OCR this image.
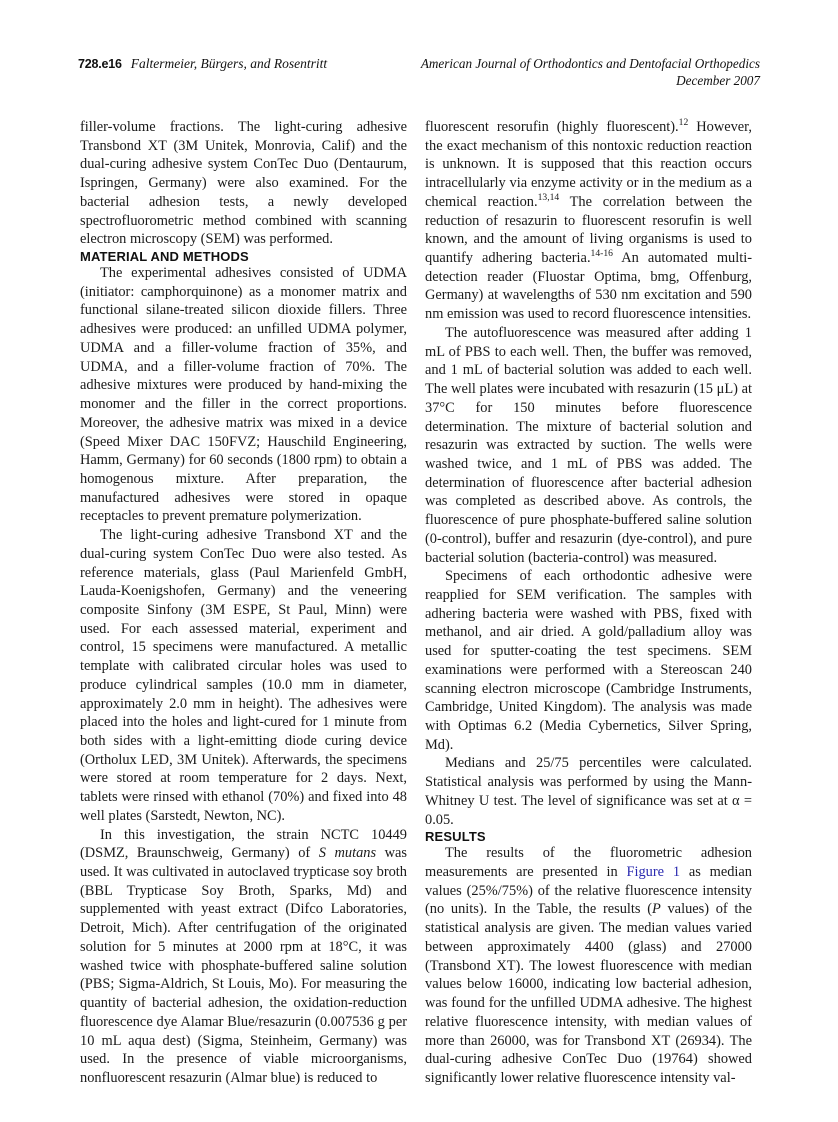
728.e16 Faltermeier, Bürgers, and Rosentritt	American Journal of Orthodontics and Dentofacial Orthopedics
December 2007

filler-volume fractions. The light-curing adhesive Transbond XT (3M Unitek, Monrovia, Calif) and the dual-curing adhesive system ConTec Duo (Dentaurum, Ispringen, Germany) were also examined. For the bacterial adhesion tests, a newly developed spectrofluorometric method combined with scanning electron microscopy (SEM) was performed.

MATERIAL AND METHODS

The experimental adhesives consisted of UDMA (initiator: camphorquinone) as a monomer matrix and functional silane-treated silicon dioxide fillers. Three adhesives were produced: an unfilled UDMA polymer, UDMA and a filler-volume fraction of 35%, and UDMA, and a filler-volume fraction of 70%. The adhesive mixtures were produced by hand-mixing the monomer and the filler in the correct proportions. Moreover, the adhesive matrix was mixed in a device (Speed Mixer DAC 150FVZ; Hauschild Engineering, Hamm, Germany) for 60 seconds (1800 rpm) to obtain a homogenous mixture. After preparation, the manufactured adhesives were stored in opaque receptacles to prevent premature polymerization.

The light-curing adhesive Transbond XT and the dual-curing system ConTec Duo were also tested. As reference materials, glass (Paul Marienfeld GmbH, Lauda-Koenigshofen, Germany) and the veneering composite Sinfony (3M ESPE, St Paul, Minn) were used. For each assessed material, experiment and control, 15 specimens were manufactured. A metallic template with calibrated circular holes was used to produce cylindrical samples (10.0 mm in diameter, approximately 2.0 mm in height). The adhesives were placed into the holes and light-cured for 1 minute from both sides with a light-emitting diode curing device (Ortholux LED, 3M Unitek). Afterwards, the specimens were stored at room temperature for 2 days. Next, tablets were rinsed with ethanol (70%) and fixed into 48 well plates (Sarstedt, Newton, NC).

In this investigation, the strain NCTC 10449 (DSMZ, Braunschweig, Germany) of S mutans was used. It was cultivated in autoclaved trypticase soy broth (BBL Trypticase Soy Broth, Sparks, Md) and supplemented with yeast extract (Difco Laboratories, Detroit, Mich). After centrifugation of the originated solution for 5 minutes at 2000 rpm at 18°C, it was washed twice with phosphate-buffered saline solution (PBS; Sigma-Aldrich, St Louis, Mo). For measuring the quantity of bacterial adhesion, the oxidation-reduction fluorescence dye Alamar Blue/resazurin (0.007536 g per 10 mL aqua dest) (Sigma, Steinheim, Germany) was used. In the presence of viable microorganisms, nonfluorescent resazurin (Almar blue) is reduced to

fluorescent resorufin (highly fluorescent).$^{12}$ However, the exact mechanism of this nontoxic reduction reaction is unknown. It is supposed that this reaction occurs intracellularly via enzyme activity or in the medium as a chemical reaction.$^{13,14}$ The correlation between the reduction of resazurin to fluorescent resorufin is well known, and the amount of living organisms is used to quantify adhering bacteria.$^{14-16}$ An automated multi-detection reader (Fluostar Optima, bmg, Offenburg, Germany) at wavelengths of 530 nm excitation and 590 nm emission was used to record fluorescence intensities.

The autofluorescence was measured after adding 1 mL of PBS to each well. Then, the buffer was removed, and 1 mL of bacterial solution was added to each well. The well plates were incubated with resazurin (15 μL) at 37°C for 150 minutes before fluorescence determination. The mixture of bacterial solution and resazurin was extracted by suction. The wells were washed twice, and 1 mL of PBS was added. The determination of fluorescence after bacterial adhesion was completed as described above. As controls, the fluorescence of pure phosphate-buffered saline solution (0-control), buffer and resazurin (dye-control), and pure bacterial solution (bacteria-control) was measured.

Specimens of each orthodontic adhesive were reapplied for SEM verification. The samples with adhering bacteria were washed with PBS, fixed with methanol, and air dried. A gold/palladium alloy was used for sputter-coating the test specimens. SEM examinations were performed with a Stereoscan 240 scanning electron microscope (Cambridge Instruments, Cambridge, United Kingdom). The analysis was made with Optimas 6.2 (Media Cybernetics, Silver Spring, Md).

Medians and 25/75 percentiles were calculated. Statistical analysis was performed by using the Mann-Whitney U test. The level of significance was set at α = 0.05.

RESULTS

The results of the fluorometric adhesion measurements are presented in Figure 1 as median values (25%/75%) of the relative fluorescence intensity (no units). In the Table, the results (P values) of the statistical analysis are given. The median values varied between approximately 4400 (glass) and 27000 (Transbond XT). The lowest fluorescence with median values below 16000, indicating low bacterial adhesion, was found for the unfilled UDMA adhesive. The highest relative fluorescence intensity, with median values of more than 26000, was for Transbond XT (26934). The dual-curing adhesive ConTec Duo (19764) showed significantly lower relative fluorescence intensity val-
